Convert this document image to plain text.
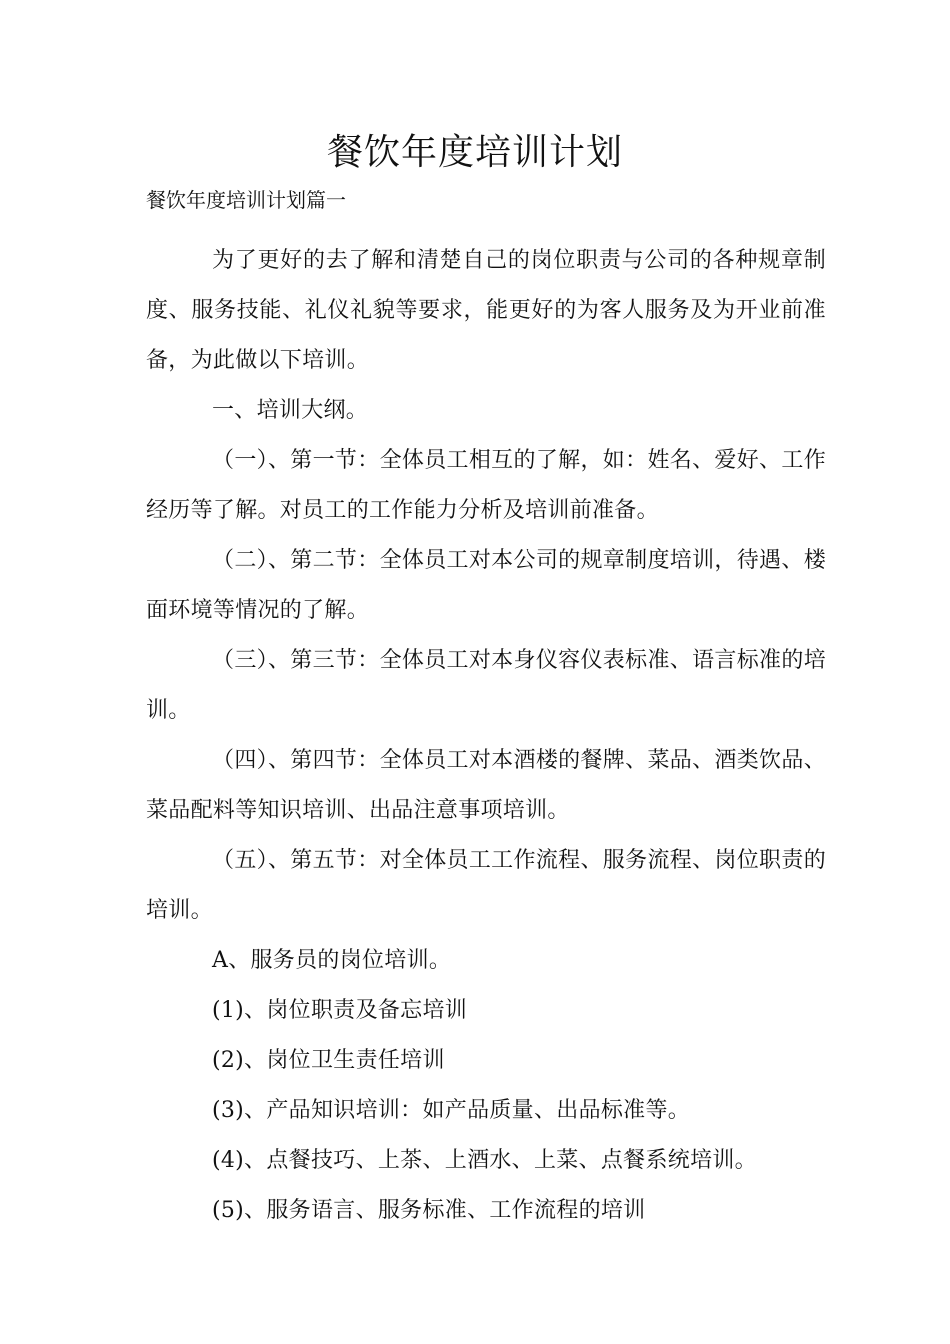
餐饮年度培训计划

餐饮年度培训计划篇一

为了更好的去了解和清楚自己的岗位职责与公司的各种规章制度、服务技能、礼仪礼貌等要求，能更好的为客人服务及为开业前准备，为此做以下培训。

一、培训大纲。

（一）、第一节：全体员工相互的了解，如：姓名、爱好、工作经历等了解。对员工的工作能力分析及培训前准备。

（二）、第二节：全体员工对本公司的规章制度培训，待遇、楼面环境等情况的了解。

（三）、第三节：全体员工对本身仪容仪表标准、语言标准的培训。

（四）、第四节：全体员工对本酒楼的餐牌、菜品、酒类饮品、菜品配料等知识培训、出品注意事项培训。

（五）、第五节：对全体员工工作流程、服务流程、岗位职责的培训。

A、服务员的岗位培训。

(1)、岗位职责及备忘培训

(2)、岗位卫生责任培训

(3)、产品知识培训：如产品质量、出品标准等。

(4)、点餐技巧、上茶、上酒水、上菜、点餐系统培训。

(5)、服务语言、服务标准、工作流程的培训
